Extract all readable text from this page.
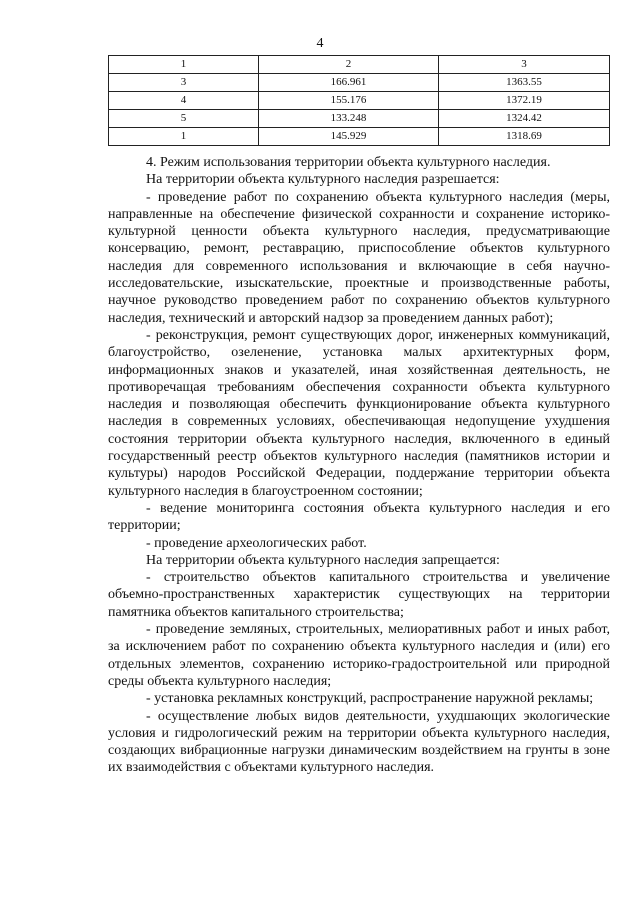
4
1	2	3
3	166.961	1363.55
4	155.176	1372.19
5	133.248	1324.42
1	145.929	1318.69

4. Режим использования территории объекта культурного наследия.

На территории объекта культурного наследия разрешается:

- проведение работ по сохранению объекта культурного наследия (меры, направленные на обеспечение физической сохранности и сохранение историко-культурной ценности объекта культурного наследия, предусматривающие консервацию, ремонт, реставрацию, приспособление объектов культурного наследия для современного использования и включающие в себя научно-исследовательские, изыскательские, проектные и производственные работы, научное руководство проведением работ по сохранению объектов культурного наследия, технический и авторский надзор за проведением данных работ);

- реконструкция, ремонт существующих дорог, инженерных коммуникаций, благоустройство, озеленение, установка малых архитектурных форм, информационных знаков и указателей, иная хозяйственная деятельность, не противоречащая требованиям обеспечения сохранности объекта культурного наследия и позволяющая обеспечить функционирование объекта культурного наследия в современных условиях, обеспечивающая недопущение ухудшения состояния территории объекта культурного наследия, включенного в единый государственный реестр объектов культурного наследия (памятников истории и культуры) народов Российской Федерации, поддержание территории объекта культурного наследия в благоустроенном состоянии;

- ведение мониторинга состояния объекта культурного наследия и его территории;

- проведение археологических работ.

На территории объекта культурного наследия запрещается:

- строительство объектов капитального строительства и увеличение объемно-пространственных характеристик существующих на территории памятника объектов капитального строительства;

- проведение земляных, строительных, мелиоративных работ и иных работ, за исключением работ по сохранению объекта культурного наследия и (или) его отдельных элементов, сохранению историко-градостроительной или природной среды объекта культурного наследия;

- установка рекламных конструкций, распространение наружной рекламы;

- осуществление любых видов деятельности, ухудшающих экологические условия и гидрологический режим на территории объекта культурного наследия, создающих вибрационные нагрузки динамическим воздействием на грунты в зоне их взаимодействия с объектами культурного наследия.
